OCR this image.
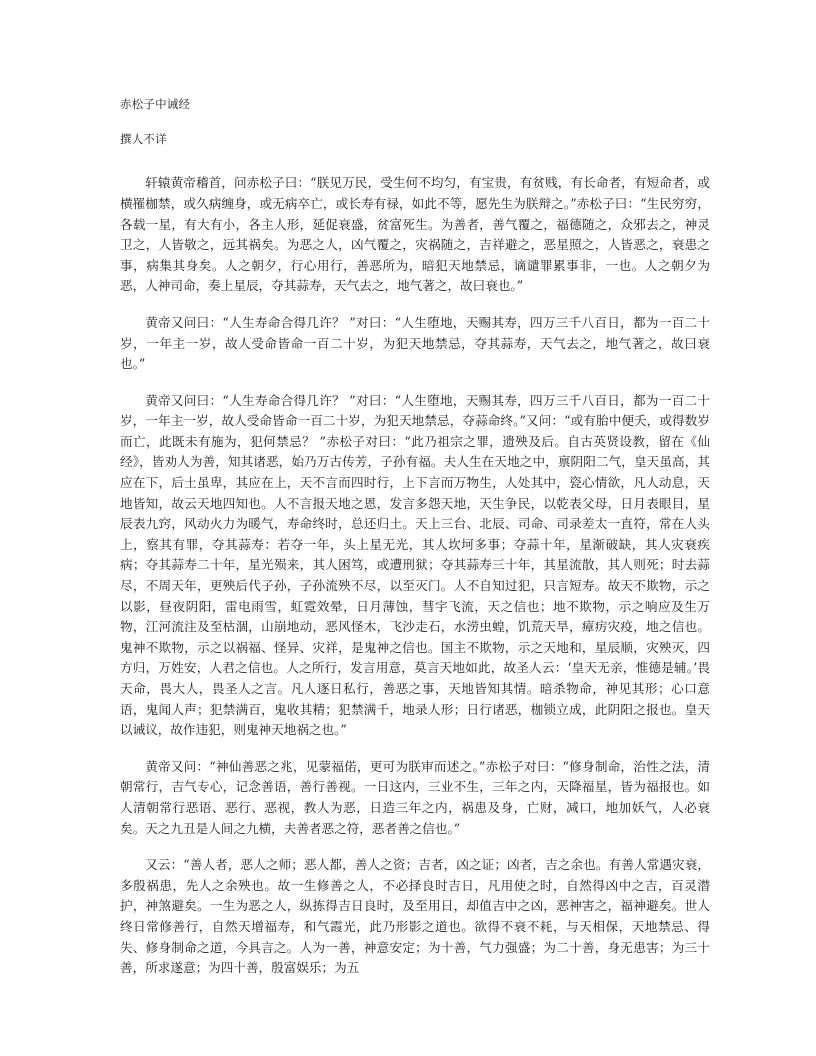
赤松子中诫经
撰人不详

轩辕黄帝稽首，问赤松子曰：“朕见万民，受生何不均匀，有宝贵，有贫贱，有长命者，有短命者，或横罹枷禁，或久病缠身，或无病卒亡，或长寿有禄，如此不等，愿先生为朕辩之。”赤松子曰：“生民穷穷，各载一星，有大有小，各主人形，延促衰盛，贫富死生。为善者，善气覆之，福德随之，众邪去之，神灵卫之，人皆敬之，远其祸矣。为恶之人，凶气覆之，灾祸随之，吉祥避之，恶星照之，人皆恶之，衰患之事，病集其身矣。人之朝夕，行心用行，善恶所为，暗犯天地禁忌，谪谴罪累事非，一也。人之朝夕为恶，人神司命，奏上星辰，夺其蒜寿，天气去之，地气著之，故曰衰也。”

黄帝又问曰：“人生寿命合得几许？ ”对曰：“人生堕地，天赐其寿，四万三千八百日，都为一百二十岁，一年主一岁，故人受命皆命一百二十岁，为犯天地禁忌，夺其蒜寿，天气去之，地气著之，故曰衰也。”

黄帝又问曰：“人生寿命合得几许？ ”对曰：“人生堕地，天赐其寿，四万三千八百日，都为一百二十岁，一年主一岁，故人受命皆命一百二十岁，为犯天地禁忌，夺蒜命终。”又问：“或有胎中便夭，或得数岁而亡，此既未有施为，犯何禁忌？ ”赤松子对曰：“此乃祖宗之罪，遗殃及后。自古英贤设教，留在《仙经》，皆劝人为善，知其诸恶，始乃万古传芳，子孙有福。夫人生在天地之中，禀阴阳二气，皇天虽高，其应在下，后土虽卑，其应在上，天不言而四时行，上下言而万物生，人处其中，瓷心情欲，凡人动息，天地皆知，故云天地四知也。人不言报天地之恩，发言多怨天地，天生争民，以乾表父母，日月表眼目，星辰表九窍，风动火力为暖气，寿命终时，总还归土。天上三台、北辰、司命、司录差太一直符，常在人头上，察其有罪，夺其蒜寿：若夺一年，头上星无光，其人坎坷多事；夺蒜十年，星渐破缺，其人灾衰疾病；夺其蒜寿二十年，星光殒来，其人困笃，或遭刑狱；夺其蒜寿三十年，其星流散，其人则死；时去蒜尽，不周天年，更殃后代子孙，子孙流殃不尽，以至灭门。人不自知过犯，只言短寿。故天不欺物，示之以影，昼夜阴阳，雷电雨雪，虹霓效晕，日月薄蚀，彗宇飞流，天之信也；地不欺物，示之响应及生万物，江河流注及至枯涸，山崩地动，恶风怪木，飞沙走石，水涝虫蝗，饥荒天旱，瘴疠灾疫，地之信也。鬼神不欺物，示之以祸福、怪异、灾祥，是鬼神之信也。国主不欺物，示之天地和，星辰顺，灾殃灭，四方归，万姓安，人君之信也。人之所行，发言用意，莫言天地如此，故圣人云：‘皇天无亲，惟德是辅。’畏天命，畏大人，畏圣人之言。凡人逐日私行，善恶之事，天地皆知其情。暗杀物命，神见其形；心口意语，鬼闻人声；犯禁满百，鬼收其精；犯禁满千，地录人形；日行诸恶，枷锁立成，此阴阳之报也。皇天以诫议，故作违犯，则鬼神天地祸之也。”

黄帝又问：“神仙善恶之兆，见蒙福偌，更可为朕审而述之。”赤松子对曰：“修身制命，治性之法，清朝常行，吉气专心，记念善语，善行善视。一日这内，三业不生，三年之内，天降福星，皆为福报也。如人清朝常行恶语、恶行、恶视，教人为恶，日造三年之内，祸患及身，亡财，减口，地加妖气，人必衰矣。天之九丑是人间之九横，夫善者恶之符，恶者善之信也。”

又云：“善人者，恶人之师；恶人都，善人之资；吉者，凶之证；凶者，吉之余也。有善人常遇灾衰，多殷祸患，先人之余殃也。故一生修善之人，不必择良时吉日，凡用使之时，自然得凶中之吉，百灵潜护，神煞避矣。一生为恶之人，纵拣得吉日良时，及至用日，却值吉中之凶，恶神害之，福神避矣。世人终日常修善行，自然天增福寿，和气霞光，此乃形影之道也。欲得不衰不耗，与天相保，天地禁忌、得失、修身制命之道，今具言之。人为一善，神意安定；为十善，气力强盛；为二十善，身无患害；为三十善，所求遂意；为四十善，殷富娱乐；为五
